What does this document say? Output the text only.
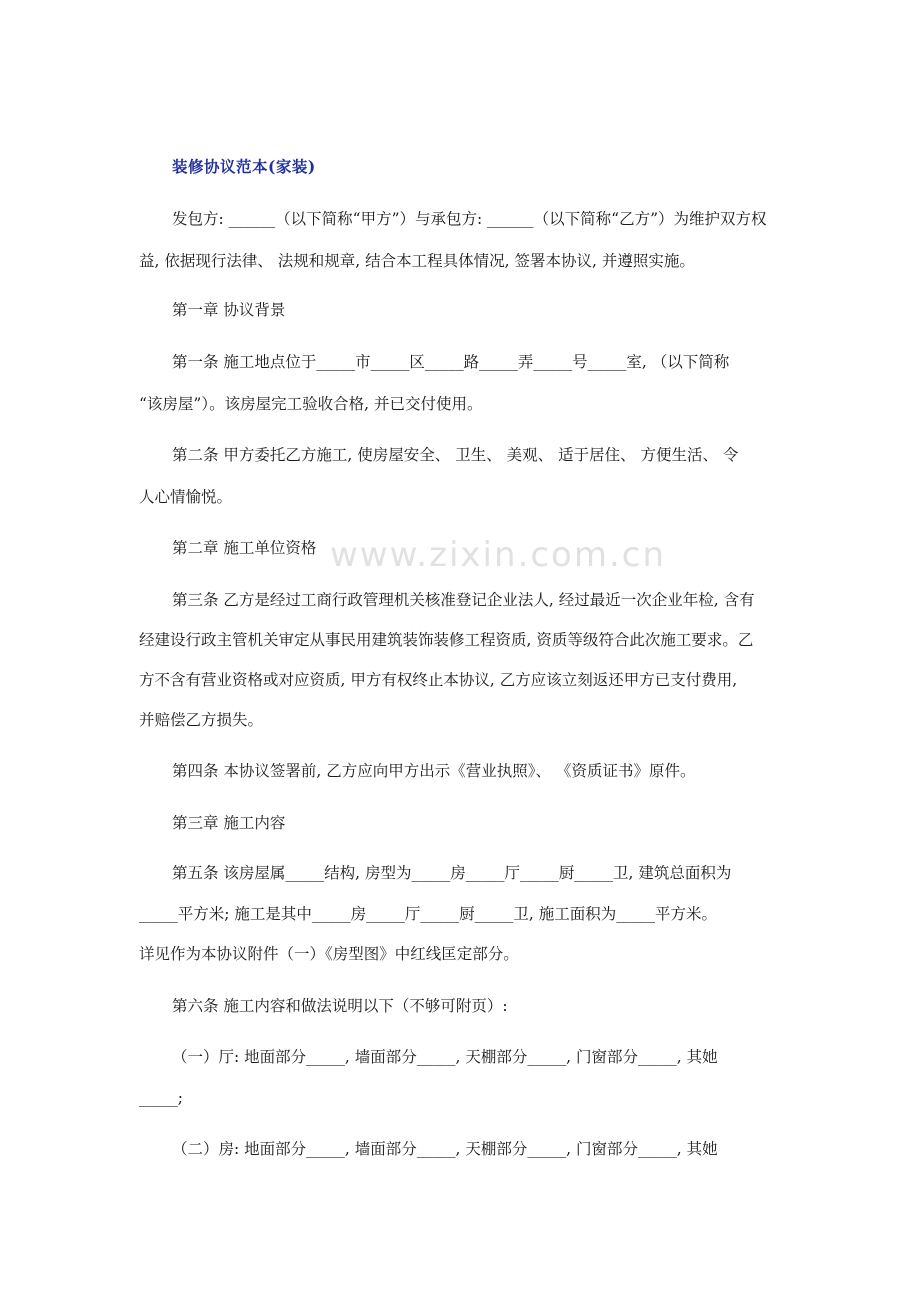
装修协议范本(家装)
发包方: ______（以下简称“甲方”）与承包方: ______（以下简称“乙方”）为维护双方权
益, 依据现行法律、 法规和规章, 结合本工程具体情况, 签署本协议, 并遵照实施。
第一章 协议背景
第一条 施工地点位于_____市_____区_____路_____弄_____号_____室, （以下简称
“该房屋”）。该房屋完工验收合格, 并已交付使用。
第二条 甲方委托乙方施工, 使房屋安全、 卫生、 美观、 适于居住、 方便生活、 令
人心情愉悦。
第二章 施工单位资格
第三条 乙方是经过工商行政管理机关核准登记企业法人, 经过最近一次企业年检, 含有
经建设行政主管机关审定从事民用建筑装饰装修工程资质, 资质等级符合此次施工要求。乙
方不含有营业资格或对应资质, 甲方有权终止本协议, 乙方应该立刻返还甲方已支付费用,
并赔偿乙方损失。
第四条 本协议签署前, 乙方应向甲方出示《营业执照》、 《资质证书》原件。
第三章 施工内容
第五条 该房屋属_____结构, 房型为_____房_____厅_____厨_____卫, 建筑总面积为
_____平方米; 施工是其中_____房_____厅_____厨_____卫, 施工面积为_____平方米。
详见作为本协议附件（一）《房型图》中红线匡定部分。
第六条 施工内容和做法说明以下（不够可附页）:
（一）厅: 地面部分_____, 墙面部分_____, 天棚部分_____, 门窗部分_____, 其她
_____;
（二）房: 地面部分_____, 墙面部分_____, 天棚部分_____, 门窗部分_____, 其她
www.zixin.com.cn
